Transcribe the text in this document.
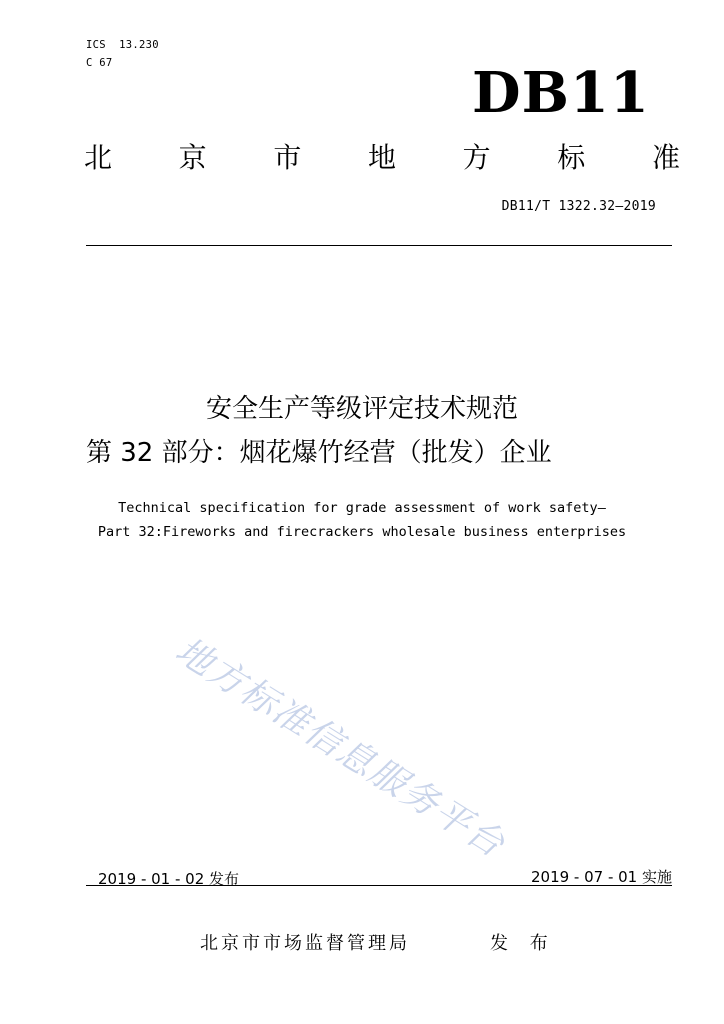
ICS  13.230
C 67	DB11
北 京 市 地 方 标 准
DB11/T 1322.32—2019
安全生产等级评定技术规范
第 32 部分：烟花爆竹经营（批发）企业
Technical specification for grade assessment of work safety—
Part 32:Fireworks and firecrackers wholesale business enterprises
地方标准信息服务平台
2019 - 01 - 02 发布	2019 - 07 - 01 实施
北京市市场监督管理局	发 布
